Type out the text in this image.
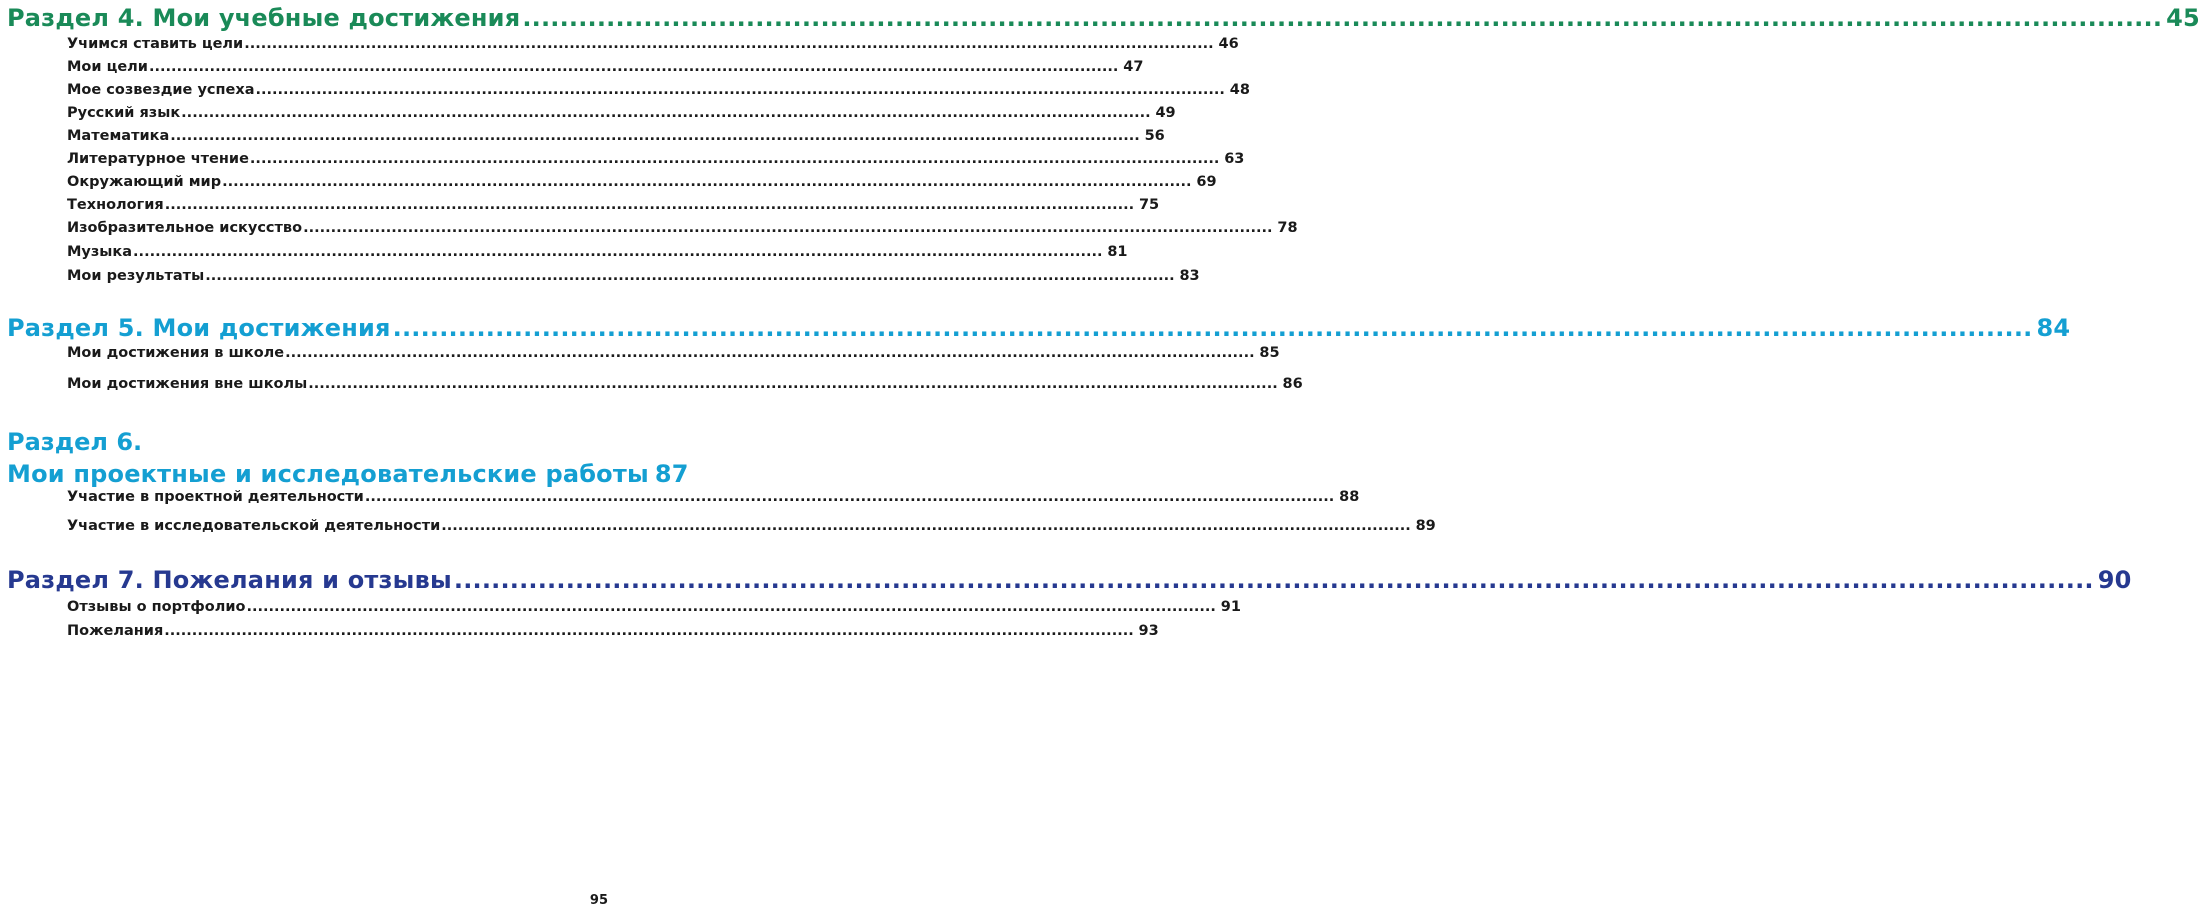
Раздел 4. Мои учебные достижения .....	45
Учимся ставить цели .....	46
Мои цели .....	47
Мое созвездие успеха .....	48
Русский язык .....	49
Математика .....	56
Литературное чтение .....	63
Окружающий мир .....	69
Технология .....	75
Изобразительное искусство .....	78
Музыка .....	81
Мои результаты .....	83
Раздел 5. Мои достижения .....	84
Мои достижения в школе .....	85
Мои достижения вне школы .....	86
Раздел 6.
Мои проектные и исследовательские работы 87
Участие в проектной деятельности .....	88
Участие в исследовательской деятельности .....	89
Раздел 7. Пожелания и отзывы .....	90
Отзывы о портфолио .....	91
Пожелания .....	93
95
